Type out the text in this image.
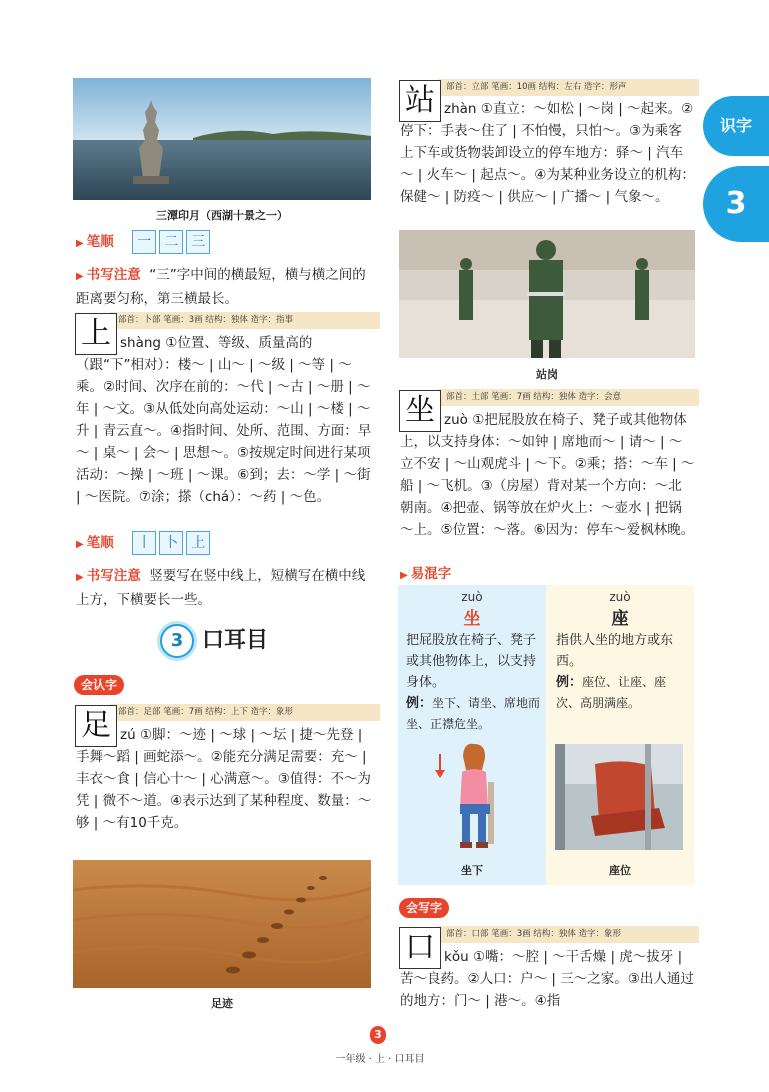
三潭印月（西湖十景之一）
▶ 笔顺 一 二 三
▶ 书写注意 “三”字中间的横最短，横与横之间的距离要匀称，第三横最长。
部首：卜部 笔画：3画 结构：独体 造字：指事
上 shàng ①位置、等级、质量高的（跟“下”相对）：楼～ | 山～ | ～级 | ～等 | ～乘。②时间、次序在前的：～代 | ～古 | ～册 | ～年 | ～文。③从低处向高处运动：～山 | ～楼 | ～升 | 青云直～。④指时间、处所、范围、方面：早～ | 桌～ | 会～ | 思想～。⑤按规定时间进行某项活动：～操 | ～班 | ～课。⑥到；去：～学 | ～街 | ～医院。⑦涂；搽（chá）：～药 | ～色。
▶ 笔顺 丨 卜 上
▶ 书写注意 竖要写在竖中线上，短横写在横中线上方，下横要长一些。
3 口耳目
会认字
部首：足部 笔画：7画 结构：上下 造字：象形
足 zú ①脚：～迹 | ～球 | ～坛 | 捷～先登 | 手舞～蹈 | 画蛇添～。②能充分满足需要：充～ | 丰衣～食 | 信心十～ | 心满意～。③值得：不～为凭 | 微不～道。④表示达到了某种程度、数量：～够 | ～有10千克。
足迹
部首：立部 笔画：10画 结构：左右 造字：形声
站 zhàn ①直立：～如松 | ～岗 | ～起来。②停下：手表～住了 | 不怕慢，只怕～。③为乘客上下车或货物装卸设立的停车地方：驿～ | 汽车～ | 火车～ | 起点～。④为某种业务设立的机构：保健～ | 防疫～ | 供应～ | 广播～ | 气象～。
站岗
部首：土部 笔画：7画 结构：独体 造字：会意
坐 zuò ①把屁股放在椅子、凳子或其他物体上，以支持身体：～如钟 | 席地而～ | 请～ | ～立不安 | ～山观虎斗 | ～下。②乘；搭：～车 | ～船 | ～飞机。③（房屋）背对某一个方向：～北朝南。④把壶、锅等放在炉火上：～壶水 | 把锅～上。⑤位置：～落。⑥因为：停车～爱枫林晚。
▶ 易混字
zuò
坐
把屁股放在椅子、凳子或其他物体上，以支持身体。
例：坐下、请坐、席地而坐、正襟危坐。
zuò
座
指供人坐的地方或东西。
例：座位、让座、座次、高朋满座。
坐下	座位
会写字
部首：口部 笔画：3画 结构：独体 造字：象形
口 kǒu ①嘴：～腔 | ～干舌燥 | 虎～拔牙 | 苦～良药。②人口：户～ | 三～之家。③出人通过的地方：门～ | 港～。④指
识字
3
3
一年级 · 上 · 口耳目
